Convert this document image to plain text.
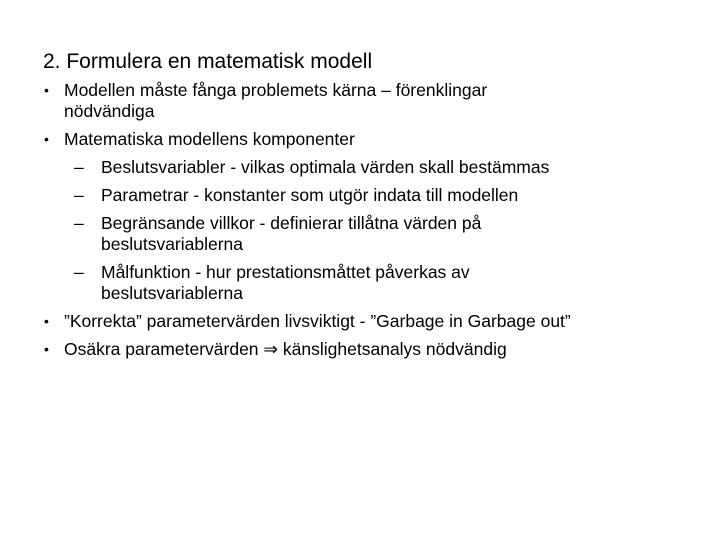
2. Formulera en matematisk modell
• Modellen måste fånga problemets kärna – förenklingar
nödvändiga
• Matematiska modellens komponenter
– Beslutsvariabler - vilkas optimala värden skall bestämmas
– Parametrar - konstanter som utgör indata till modellen
– Begränsande villkor - definierar tillåtna värden på
beslutsvariablerna
– Målfunktion - hur prestationsmåttet påverkas av
beslutsvariablerna
• ”Korrekta” parametervärden livsviktigt - ”Garbage in Garbage out”
• Osäkra parametervärden ⇒ känslighetsanalys nödvändig
